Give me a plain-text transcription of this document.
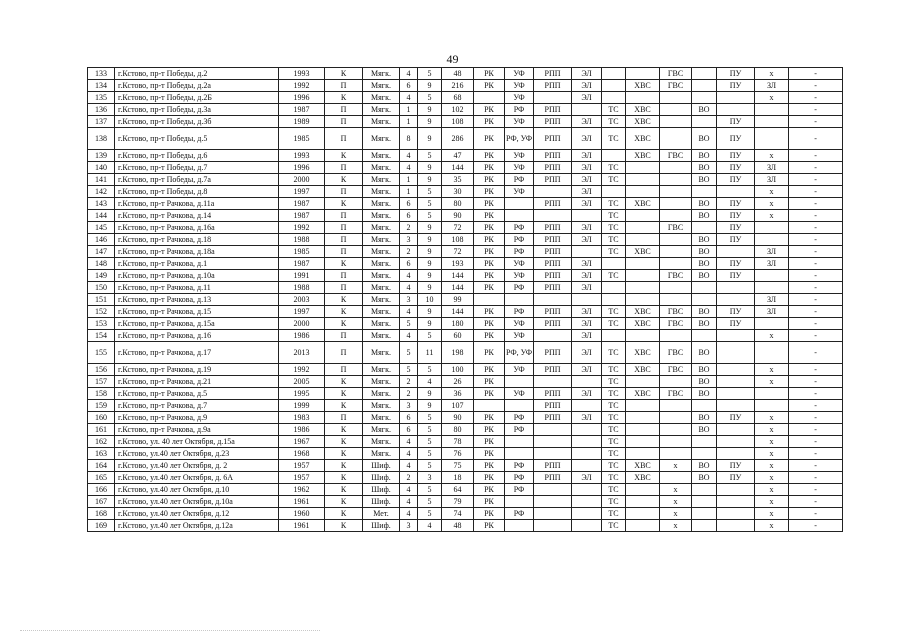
49
133	г.Кстово, пр-т Победы, д.2	1993	К	Мягк.	4	5	48	РК	УФ	РПП	ЭЛ			ГВС		ПУ	х	-
134	г.Кстово, пр-т Победы, д.2а	1992	П	Мягк.	6	9	216	РК	УФ	РПП	ЭЛ		ХВС	ГВС		ПУ	ЗЛ	-
135	г.Кстово, пр-т Победы, д.2Б	1996	К	Мягк.	4	5	68		УФ		ЭЛ						х	-
136	г.Кстово, пр-т Победы, д.3а	1987	П	Мягк.	1	9	102	РК	РФ	РПП		ТС	ХВС		ВО			-
137	г.Кстово, пр-т Победы, д.3б	1989	П	Мягк.	1	9	108	РК	УФ	РПП	ЭЛ	ТС	ХВС			ПУ		-
138	г.Кстово, пр-т Победы, д.5	1985	П	Мягк.	8	9	286	РК	РФ, УФ	РПП	ЭЛ	ТС	ХВС		ВО	ПУ		-
139	г.Кстово, пр-т Победы, д.6	1993	К	Мягк.	4	5	47	РК	УФ	РПП	ЭЛ		ХВС	ГВС	ВО	ПУ	х	-
140	г.Кстово, пр-т Победы, д.7	1996	П	Мягк.	4	9	144	РК	УФ	РПП	ЭЛ	ТС			ВО	ПУ	ЗЛ	-
141	г.Кстово, пр-т Победы, д.7а	2000	К	Мягк.	1	9	35	РК	РФ	РПП	ЭЛ	ТС			ВО	ПУ	ЗЛ	-
142	г.Кстово, пр-т Победы, д.8	1997	П	Мягк.	1	5	30	РК	УФ		ЭЛ						х	-
143	г.Кстово, пр-т Рачкова, д.11а	1987	К	Мягк.	6	5	80	РК		РПП	ЭЛ	ТС	ХВС		ВО	ПУ	х	-
144	г.Кстово, пр-т Рачкова, д.14	1987	П	Мягк.	6	5	90	РК				ТС			ВО	ПУ	х	-
145	г.Кстово, пр-т Рачкова, д.16а	1992	П	Мягк.	2	9	72	РК	РФ	РПП	ЭЛ	ТС		ГВС		ПУ		-
146	г.Кстово, пр-т Рачкова, д.18	1988	П	Мягк.	3	9	108	РК	РФ	РПП	ЭЛ	ТС			ВО	ПУ		-
147	г.Кстово, пр-т Рачкова, д.18а	1985	П	Мягк.	2	9	72	РК	РФ	РПП		ТС	ХВС		ВО		ЗЛ	-
148	г.Кстово, пр-т Рачкова, д.1	1987	К	Мягк.	6	9	193	РК	УФ	РПП	ЭЛ				ВО	ПУ	ЗЛ	-
149	г.Кстово, пр-т Рачкова, д.10а	1991	П	Мягк.	4	9	144	РК	УФ	РПП	ЭЛ	ТС		ГВС	ВО	ПУ		-
150	г.Кстово, пр-т Рачкова, д.11	1988	П	Мягк.	4	9	144	РК	РФ	РПП	ЭЛ							-
151	г.Кстово, пр-т Рачкова, д.13	2003	К	Мягк.	3	10	99										ЗЛ	-
152	г.Кстово, пр-т Рачкова, д.15	1997	К	Мягк.	4	9	144	РК	РФ	РПП	ЭЛ	ТС	ХВС	ГВС	ВО	ПУ	ЗЛ	-
153	г.Кстово, пр-т Рачкова, д.15а	2000	К	Мягк.	5	9	180	РК	УФ	РПП	ЭЛ	ТС	ХВС	ГВС	ВО	ПУ		-
154	г.Кстово, пр-т Рачкова, д.16	1986	П	Мягк.	4	5	60	РК	УФ		ЭЛ						х	-
155	г.Кстово, пр-т Рачкова, д.17	2013	П	Мягк.	5	11	198	РК	РФ, УФ	РПП	ЭЛ	ТС	ХВС	ГВС	ВО			-
156	г.Кстово, пр-т Рачкова, д.19	1992	П	Мягк.	5	5	100	РК	УФ	РПП	ЭЛ	ТС	ХВС	ГВС	ВО		х	-
157	г.Кстово, пр-т Рачкова, д.21	2005	К	Мягк.	2	4	26	РК				ТС			ВО		х	-
158	г.Кстово, пр-т Рачкова, д.5	1995	К	Мягк.	2	9	36	РК	УФ	РПП	ЭЛ	ТС	ХВС	ГВС	ВО			-
159	г.Кстово, пр-т Рачкова, д.7	1999	К	Мягк.	3	9	107			РПП		ТС						-
160	г.Кстово, пр-т Рачкова, д.9	1983	П	Мягк.	6	5	90	РК	РФ	РПП	ЭЛ	ТС			ВО	ПУ	х	-
161	г.Кстово, пр-т Рачкова, д.9а	1986	К	Мягк.	6	5	80	РК	РФ			ТС			ВО		х	-
162	г.Кстово, ул. 40 лет Октября, д.15а	1967	К	Мягк.	4	5	78	РК				ТС					х	-
163	г.Кстово, ул.40 лет Октября, д.23	1968	К	Мягк.	4	5	76	РК				ТС					х	-
164	г.Кстово, ул.40 лет Октября, д. 2	1957	К	Шиф.	4	5	75	РК	РФ	РПП		ТС	ХВС	х	ВО	ПУ	х	-
165	г.Кстово, ул.40 лет Октября, д. 6А	1957	К	Шиф.	2	3	18	РК	РФ	РПП	ЭЛ	ТС	ХВС		ВО	ПУ	х	-
166	г.Кстово, ул.40 лет Октября, д.10	1962	К	Шиф.	4	5	64	РК	РФ			ТС		х			х	-
167	г.Кстово, ул.40 лет Октября, д.10а	1961	К	Шиф.	4	5	79	РК				ТС		х			х	-
168	г.Кстово, ул.40 лет Октября, д.12	1960	К	Мет.	4	5	74	РК	РФ			ТС		х			х	-
169	г.Кстово, ул.40 лет Октября, д.12а	1961	К	Шиф.	3	4	48	РК				ТС		х			х	-
